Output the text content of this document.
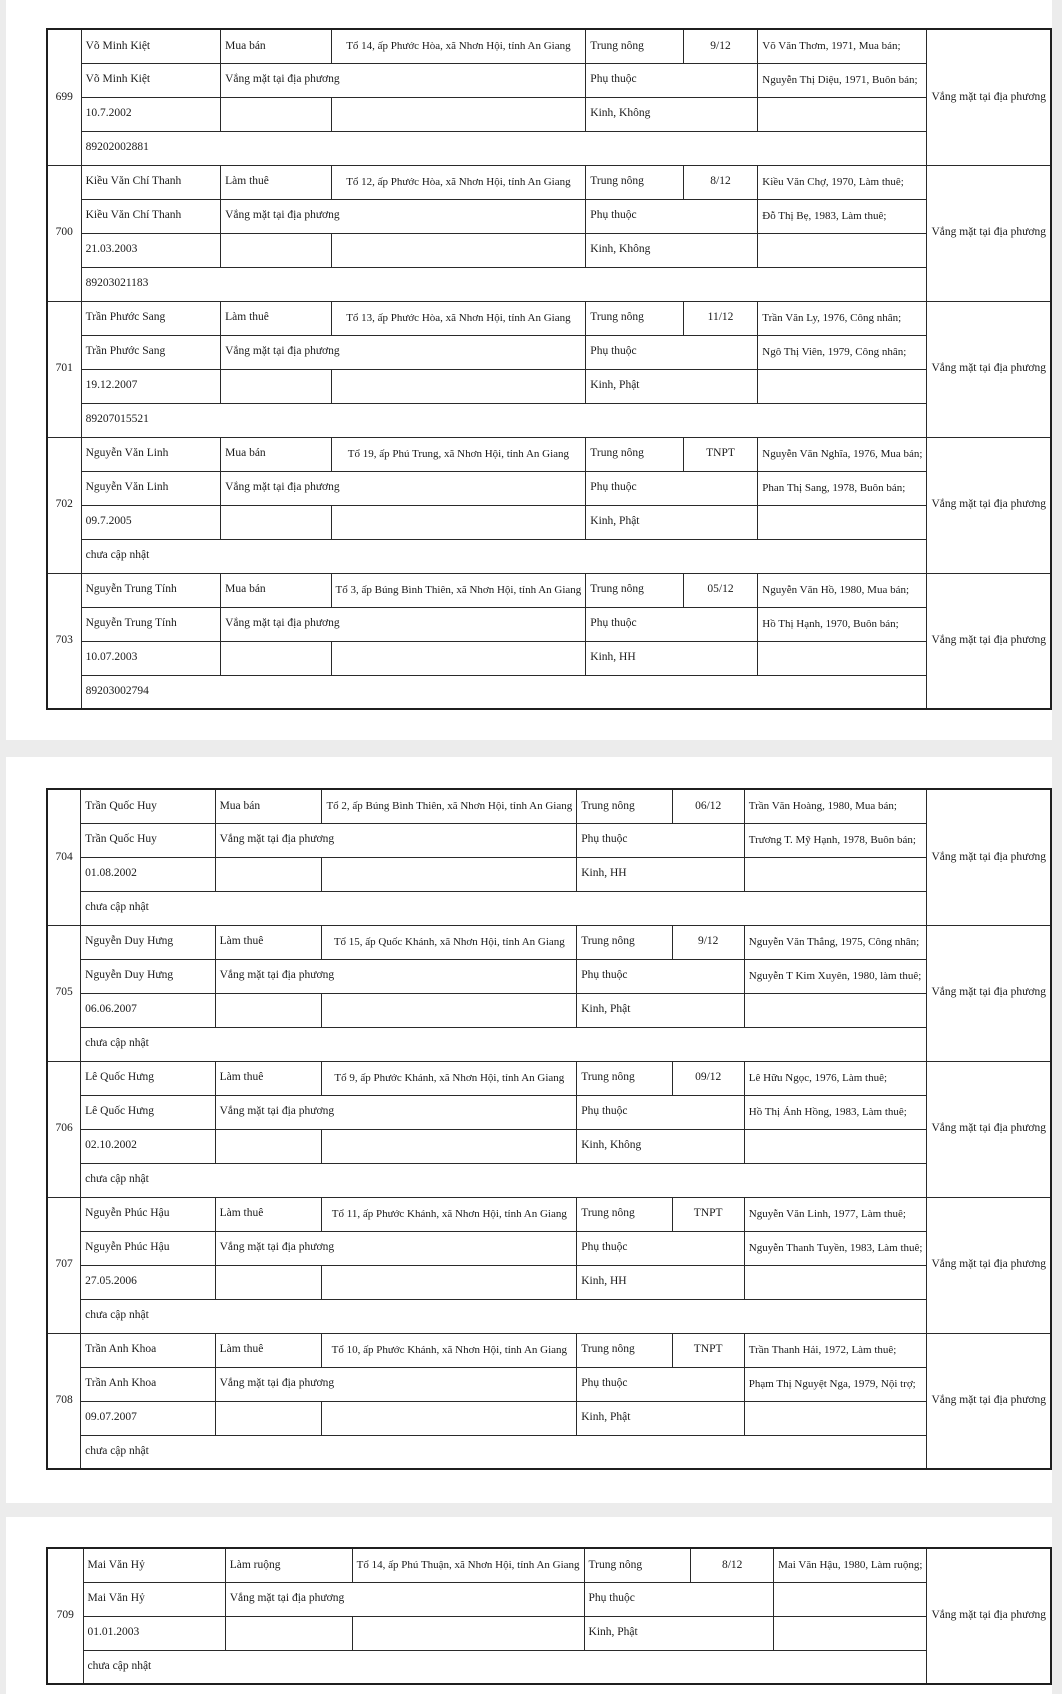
699	Võ Minh Kiệt	Mua bán	Tổ 14, ấp Phước Hòa, xã Nhơn Hội, tỉnh An Giang	Trung nông	9/12	Võ Văn Thơm, 1971, Mua bán;	Vắng mặt tại địa phương
	Võ Minh Kiệt	Vắng mặt tại địa phương		Phụ thuộc		Nguyễn Thị Diệu, 1971, Buôn bán;	
	10.7.2002			Kinh, Không			
	89202002881						
700	Kiều Văn Chí Thanh	Làm thuê	Tổ 12, ấp Phước Hòa, xã Nhơn Hội, tỉnh An Giang	Trung nông	8/12	Kiều Văn Chợ, 1970, Làm thuê;	Vắng mặt tại địa phương
	Kiều Văn Chí Thanh	Vắng mặt tại địa phương		Phụ thuộc		Đỗ Thị Bẹ, 1983, Làm thuê;	
	21.03.2003			Kinh, Không			
	89203021183						
701	Trần Phước Sang	Làm thuê	Tổ 13, ấp Phước Hòa, xã Nhơn Hội, tỉnh An Giang	Trung nông	11/12	Trần Văn Ly, 1976, Công nhân;	Vắng mặt tại địa phương
	Trần Phước Sang	Vắng mặt tại địa phương		Phụ thuộc		Ngô Thị Viên, 1979, Công nhân;	
	19.12.2007			Kinh, Phật			
	89207015521						
702	Nguyễn Văn Linh	Mua bán	Tổ 19, ấp Phú Trung, xã Nhơn Hội, tỉnh An Giang	Trung nông	TNPT	Nguyễn Văn Nghĩa, 1976, Mua bán;	Vắng mặt tại địa phương
	Nguyễn Văn Linh	Vắng mặt tại địa phương		Phụ thuộc		Phan Thị Sang, 1978, Buôn bán;	
	09.7.2005			Kinh, Phật			
	chưa cập nhật						
703	Nguyễn Trung Tính	Mua bán	Tổ 3, ấp Búng Bình Thiên, xã Nhơn Hội, tỉnh An Giang	Trung nông	05/12	Nguyễn Văn Hồ, 1980, Mua bán;	Vắng mặt tại địa phương
	Nguyễn Trung Tính	Vắng mặt tại địa phương		Phụ thuộc		Hồ Thị Hạnh, 1970, Buôn bán;	
	10.07.2003			Kinh, HH			
	89203002794						
704	Trần Quốc Huy	Mua bán	Tổ 2, ấp Búng Bình Thiên, xã Nhơn Hội, tỉnh An Giang	Trung nông	06/12	Trần Văn Hoàng, 1980, Mua bán;	Vắng mặt tại địa phương
	Trần Quốc Huy	Vắng mặt tại địa phương		Phụ thuộc		Trương T. Mỹ Hạnh, 1978, Buôn bán;	
	01.08.2002			Kinh, HH			
	chưa cập nhật						
705	Nguyễn Duy Hưng	Làm thuê	Tổ 15, ấp Quốc Khánh, xã Nhơn Hội, tỉnh An Giang	Trung nông	9/12	Nguyễn Văn Thắng, 1975, Công nhân;	Vắng mặt tại địa phương
	Nguyễn Duy Hưng	Vắng mặt tại địa phương		Phụ thuộc		Nguyễn T Kim Xuyên, 1980, làm thuê;	
	06.06.2007			Kinh, Phật			
	chưa cập nhật						
706	Lê Quốc Hưng	Làm thuê	Tổ 9, ấp Phước Khánh, xã Nhơn Hội, tỉnh An Giang	Trung nông	09/12	Lê Hữu Ngọc, 1976, Làm thuê;	Vắng mặt tại địa phương
	Lê Quốc Hưng	Vắng mặt tại địa phương		Phụ thuộc		Hồ Thị Ánh Hồng, 1983, Làm thuê;	
	02.10.2002			Kinh, Không			
	chưa cập nhật						
707	Nguyễn Phúc Hậu	Làm thuê	Tổ 11, ấp Phước Khánh, xã Nhơn Hội, tỉnh An Giang	Trung nông	TNPT	Nguyễn Văn Linh, 1977, Làm thuê;	Vắng mặt tại địa phương
	Nguyễn Phúc Hậu	Vắng mặt tại địa phương		Phụ thuộc		Nguyễn Thanh Tuyền, 1983, Làm thuê;	
	27.05.2006			Kinh, HH			
	chưa cập nhật						
708	Trần Anh Khoa	Làm thuê	Tổ 10, ấp Phước Khánh, xã Nhơn Hội, tỉnh An Giang	Trung nông	TNPT	Trần Thanh Hải, 1972, Làm thuê;	Vắng mặt tại địa phương
	Trần Anh Khoa	Vắng mặt tại địa phương		Phụ thuộc		Phạm Thị Nguyệt Nga, 1979, Nội trợ;	
	09.07.2007			Kinh, Phật			
	chưa cập nhật						
709	Mai Văn Hỷ	Làm ruộng	Tổ 14, ấp Phú Thuận, xã Nhơn Hội, tỉnh An Giang	Trung nông	8/12	Mai Văn Hậu, 1980, Làm ruộng;	Vắng mặt tại địa phương
	Mai Văn Hỷ	Vắng mặt tại địa phương		Phụ thuộc			
	01.01.2003			Kinh, Phật			
	chưa cập nhật						
